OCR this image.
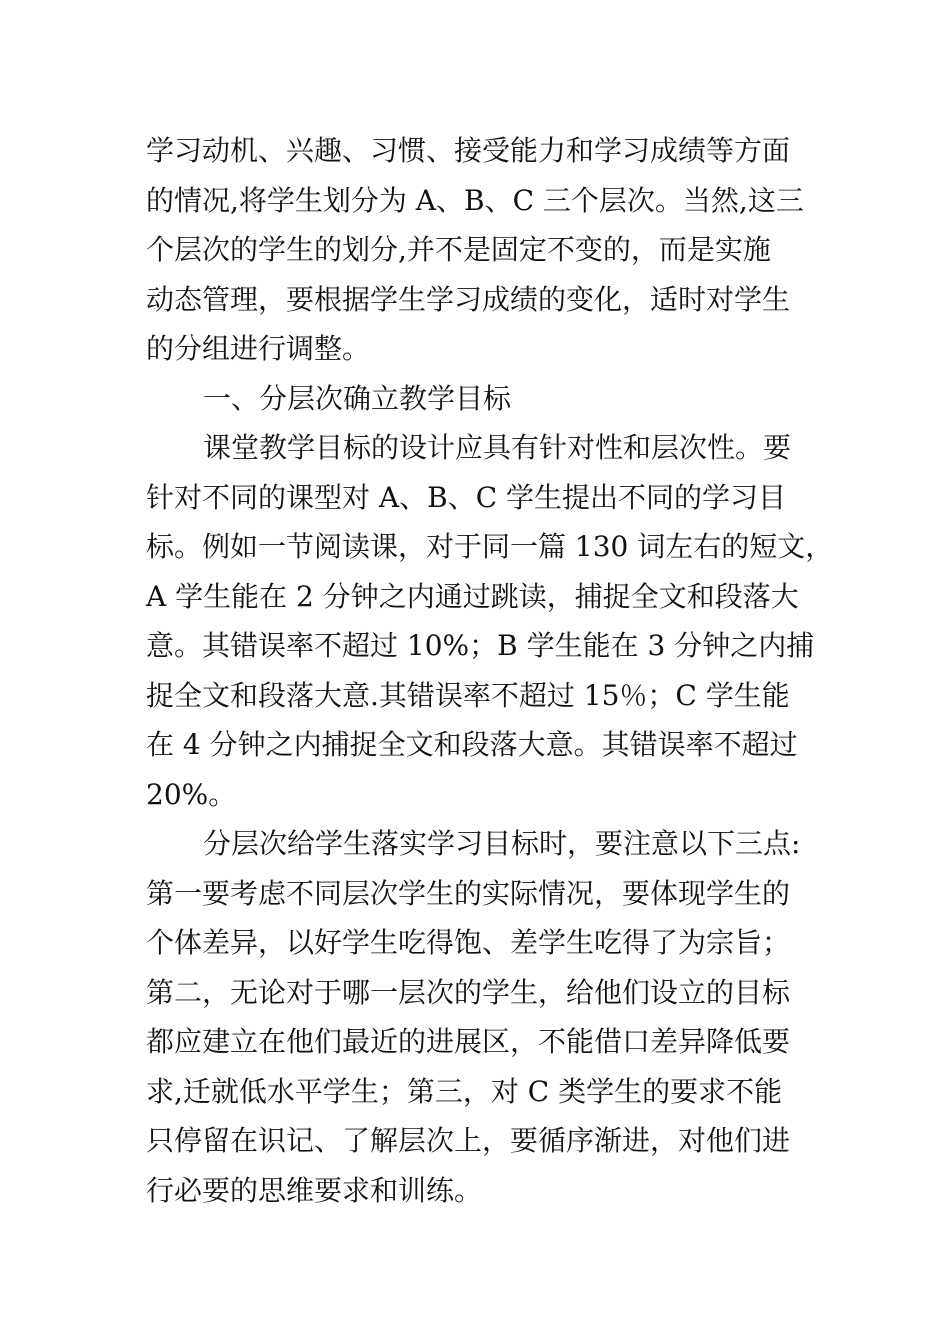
学习动机、兴趣、习惯、接受能力和学习成绩等方面
的情况,将学生划分为 A、B、C 三个层次。当然,这三
个层次的学生的划分,并不是固定不变的，而是实施
动态管理，要根据学生学习成绩的变化，适时对学生
的分组进行调整。
一、分层次确立教学目标
课堂教学目标的设计应具有针对性和层次性。要
针对不同的课型对 A、B、C 学生提出不同的学习目
标。例如一节阅读课，对于同一篇 130 词左右的短文，
A 学生能在 2 分钟之内通过跳读，捕捉全文和段落大
意。其错误率不超过 10%；B 学生能在 3 分钟之内捕
捉全文和段落大意.其错误率不超过 15％；C 学生能
在 4 分钟之内捕捉全文和段落大意。其错误率不超过
20%。
分层次给学生落实学习目标时，要注意以下三点:
第一要考虑不同层次学生的实际情况，要体现学生的
个体差异，以好学生吃得饱、差学生吃得了为宗旨；
第二，无论对于哪一层次的学生，给他们设立的目标
都应建立在他们最近的进展区，不能借口差异降低要
求,迁就低水平学生；第三，对 C 类学生的要求不能
只停留在识记、了解层次上，要循序渐进，对他们进
行必要的思维要求和训练。
